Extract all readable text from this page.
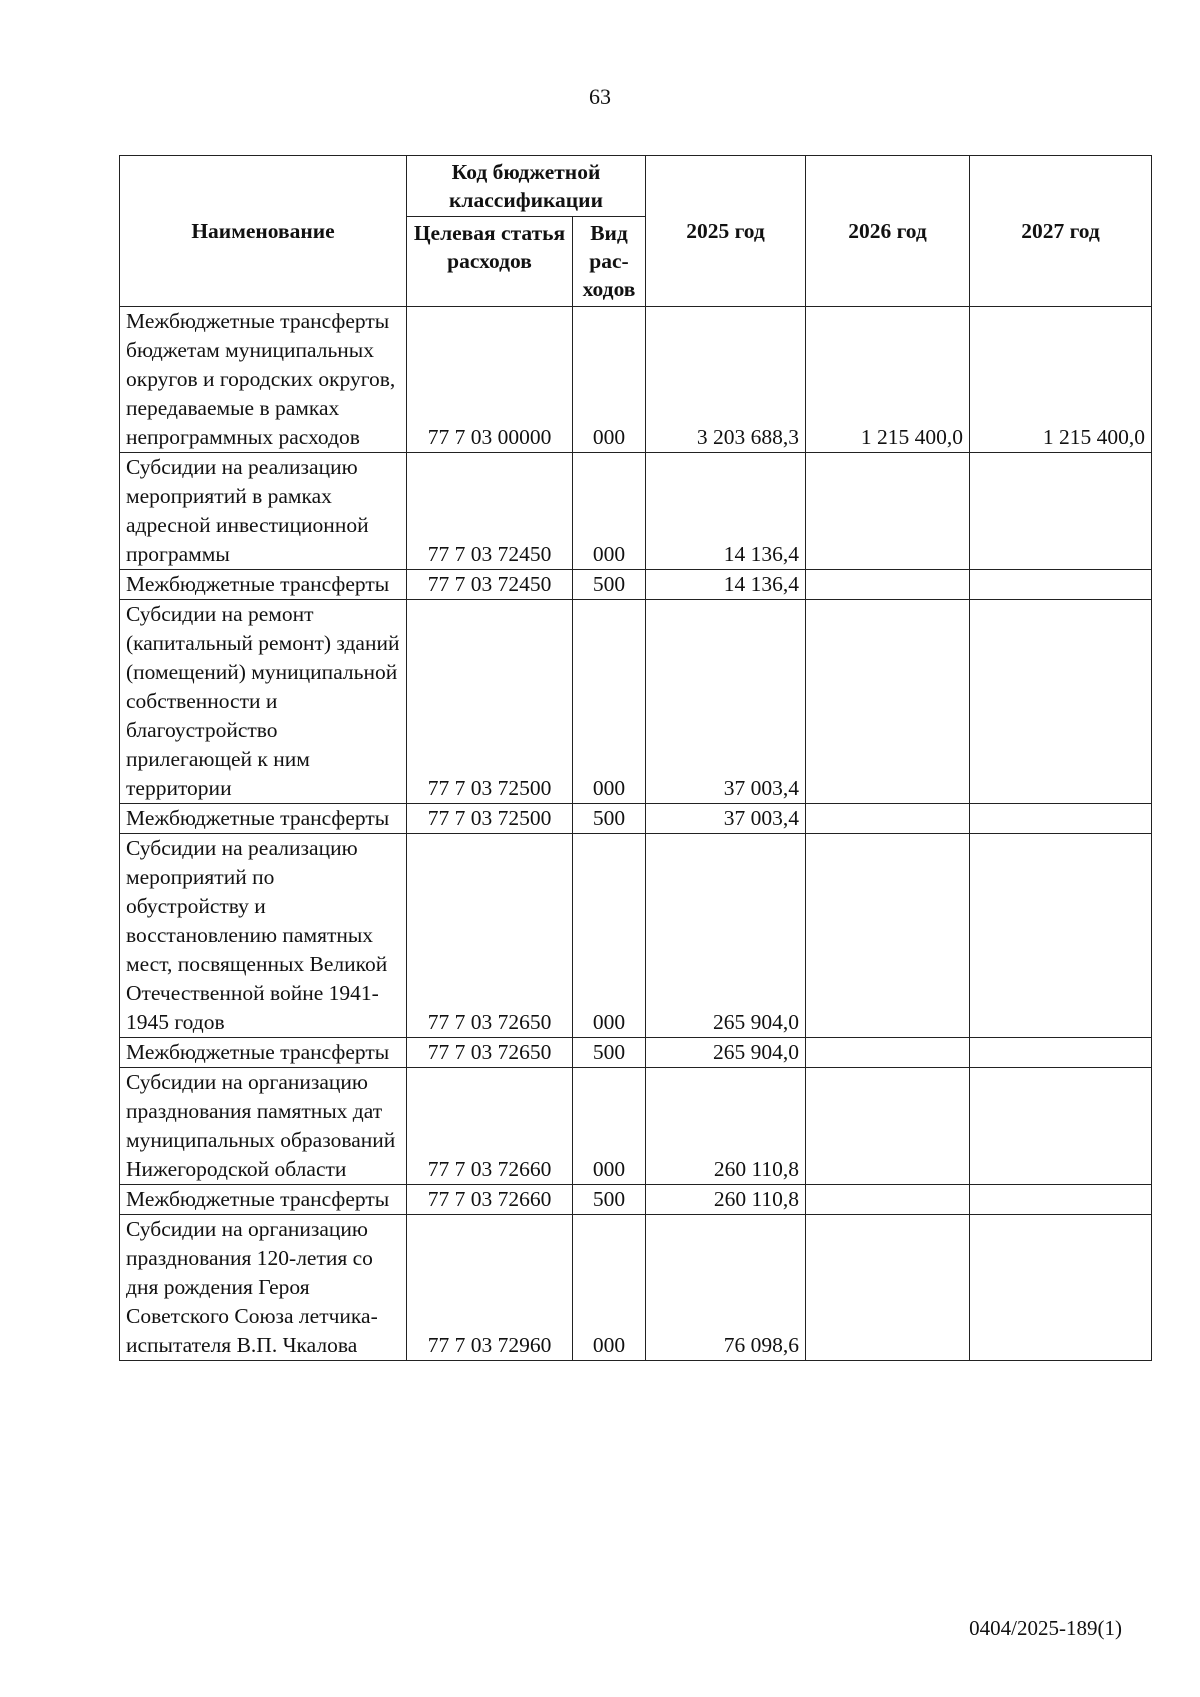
63
Наименование	Код бюджетной классификации		2025 год	2026 год	2027 год
	Целевая статья расходов	Вид рас-ходов			
Межбюджетные трансферты бюджетам муниципальных округов и городских округов, передаваемые в рамках непрограммных расходов	77 7 03 00000	000	3 203 688,3	1 215 400,0	1 215 400,0
Субсидии на реализацию мероприятий в рамках адресной инвестиционной программы	77 7 03 72450	000	14 136,4		
Межбюджетные трансферты	77 7 03 72450	500	14 136,4		
Субсидии на ремонт (капитальный ремонт) зданий (помещений) муниципальной собственности и благоустройство прилегающей к ним территории	77 7 03 72500	000	37 003,4		
Межбюджетные трансферты	77 7 03 72500	500	37 003,4		
Субсидии на реализацию мероприятий по обустройству и восстановлению памятных мест, посвященных Великой Отечественной войне 1941-1945 годов	77 7 03 72650	000	265 904,0		
Межбюджетные трансферты	77 7 03 72650	500	265 904,0		
Субсидии на организацию празднования памятных дат муниципальных образований Нижегородской области	77 7 03 72660	000	260 110,8		
Межбюджетные трансферты	77 7 03 72660	500	260 110,8		
Субсидии на организацию празднования 120-летия со дня рождения Героя Советского Союза летчика-испытателя В.П. Чкалова	77 7 03 72960	000	76 098,6		
0404/2025-189(1)
